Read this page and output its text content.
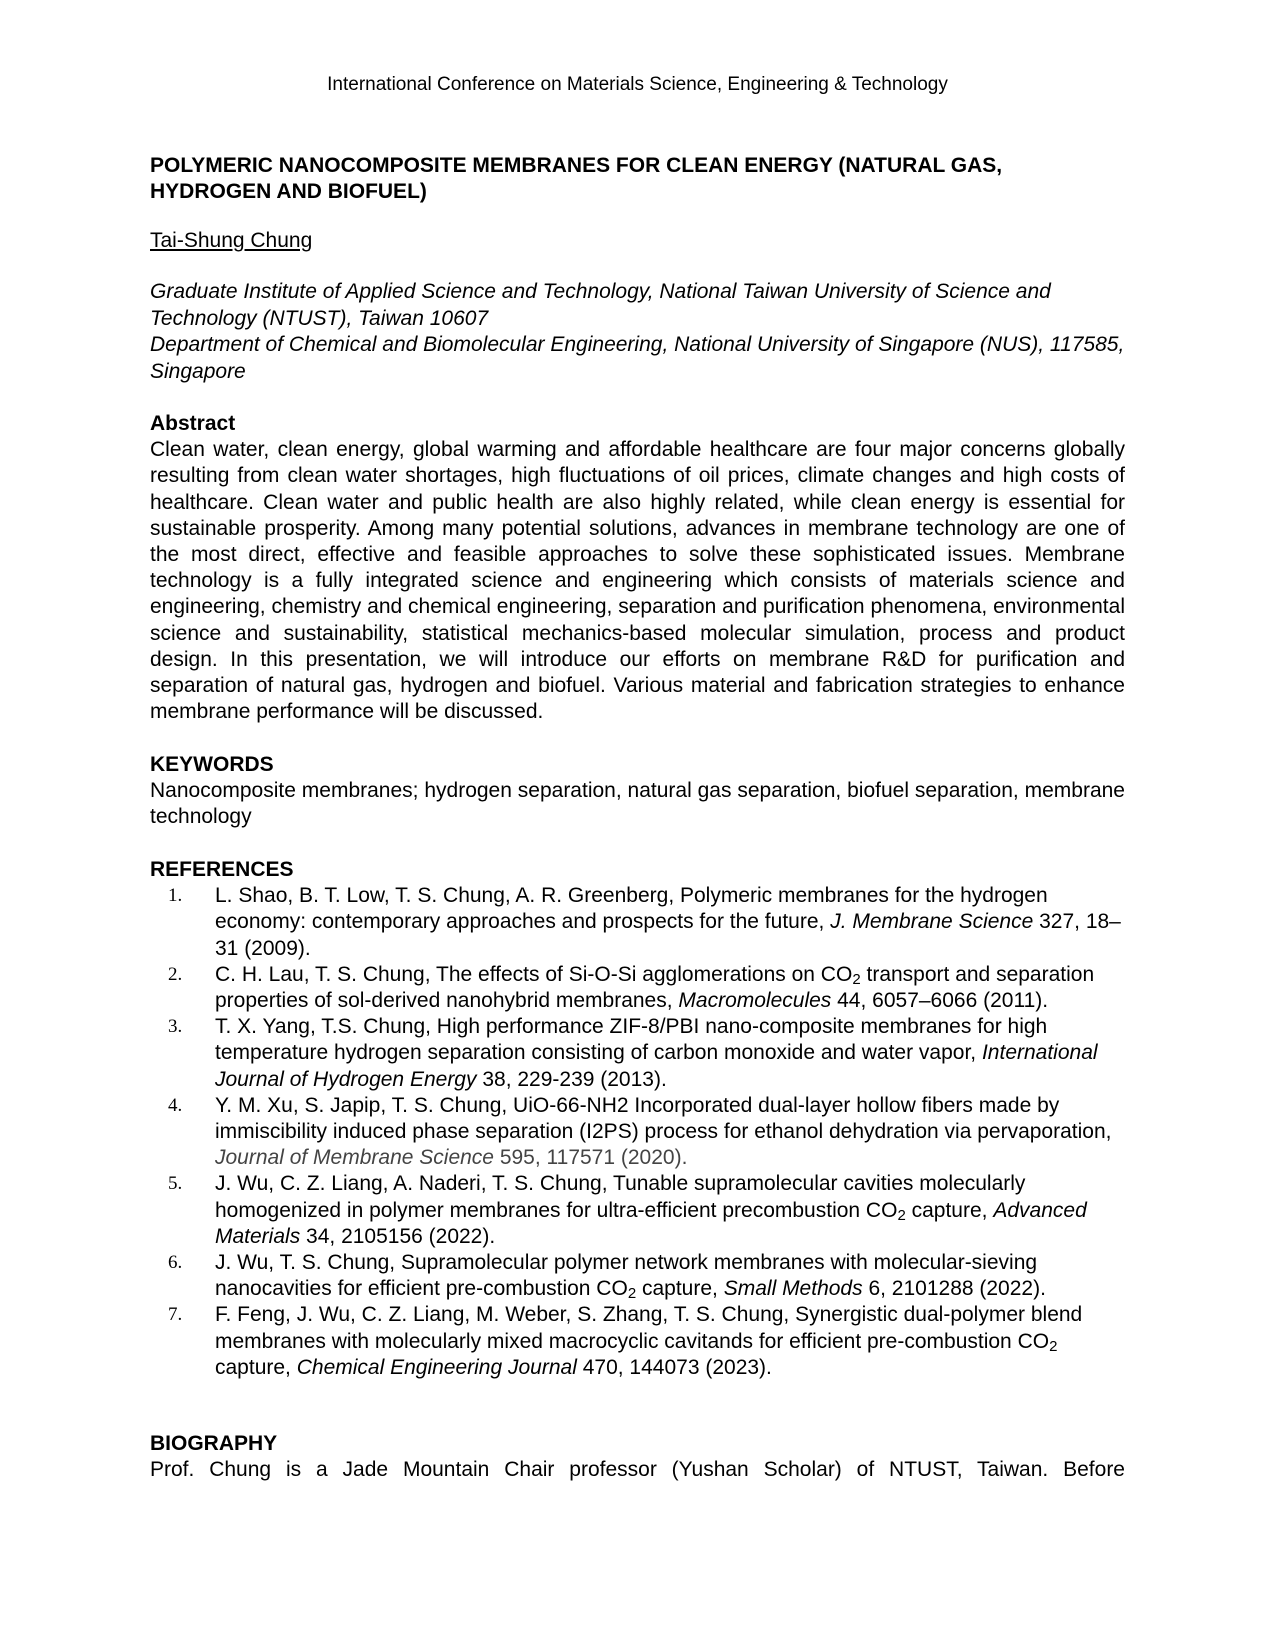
International Conference on Materials Science, Engineering & Technology
POLYMERIC NANOCOMPOSITE MEMBRANES FOR CLEAN ENERGY (NATURAL GAS, HYDROGEN AND BIOFUEL)
Tai-Shung Chung
Graduate Institute of Applied Science and Technology, National Taiwan University of Science and Technology (NTUST), Taiwan 10607
Department of Chemical and Biomolecular Engineering, National University of Singapore (NUS), 117585, Singapore
Abstract

Clean water, clean energy, global warming and affordable healthcare are four major concerns globally resulting from clean water shortages, high fluctuations of oil prices, climate changes and high costs of healthcare. Clean water and public health are also highly related, while clean energy is essential for sustainable prosperity. Among many potential solutions, advances in membrane technology are one of the most direct, effective and feasible approaches to solve these sophisticated issues. Membrane technology is a fully integrated science and engineering which consists of materials science and engineering, chemistry and chemical engineering, separation and purification phenomena, environmental science and sustainability, statistical mechanics-based molecular simulation, process and product design. In this presentation, we will introduce our efforts on membrane R&D for purification and separation of natural gas, hydrogen and biofuel. Various material and fabrication strategies to enhance membrane performance will be discussed.

KEYWORDS

Nanocomposite membranes; hydrogen separation, natural gas separation, biofuel separation, membrane technology

REFERENCES
1. L. Shao, B. T. Low, T. S. Chung, A. R. Greenberg, Polymeric membranes for the hydrogen economy: contemporary approaches and prospects for the future, J. Membrane Science 327, 18–31 (2009).
2. C. H. Lau, T. S. Chung, The effects of Si-O-Si agglomerations on $CO_2$ transport and separation properties of sol-derived nanohybrid membranes, Macromolecules 44, 6057–6066 (2011).
3. T. X. Yang, T.S. Chung, High performance ZIF-8/PBI nano-composite membranes for high temperature hydrogen separation consisting of carbon monoxide and water vapor, International Journal of Hydrogen Energy 38, 229-239 (2013).
4. Y. M. Xu, S. Japip, T. S. Chung, UiO-66-NH2 Incorporated dual-layer hollow fibers made by immiscibility induced phase separation (I2PS) process for ethanol dehydration via pervaporation, Journal of Membrane Science 595, 117571 (2020).
5. J. Wu, C. Z. Liang, A. Naderi, T. S. Chung, Tunable supramolecular cavities molecularly homogenized in polymer membranes for ultra-efficient precombustion $CO_2$ capture, Advanced Materials 34, 2105156 (2022).
6. J. Wu, T. S. Chung, Supramolecular polymer network membranes with molecular-sieving nanocavities for efficient pre-combustion $CO_2$ capture, Small Methods 6, 2101288 (2022).
7. F. Feng, J. Wu, C. Z. Liang, M. Weber, S. Zhang, T. S. Chung, Synergistic dual-polymer blend membranes with molecularly mixed macrocyclic cavitands for efficient pre-combustion $CO_2$ capture, Chemical Engineering Journal 470, 144073 (2023).
BIOGRAPHY

Prof. Chung is a Jade Mountain Chair professor (Yushan Scholar) of NTUST, Taiwan. Before
